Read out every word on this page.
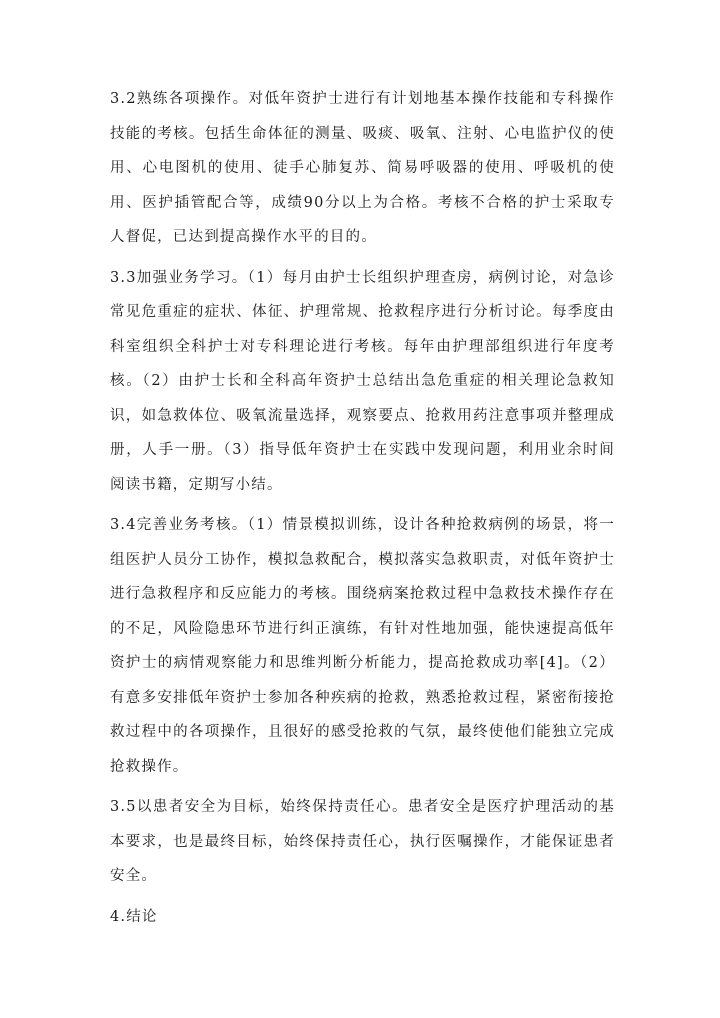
3.2熟练各项操作。对低年资护士进行有计划地基本操作技能和专科操作技能的考核。包括生命体征的测量、吸痰、吸氧、注射、心电监护仪的使用、心电图机的使用、徒手心肺复苏、简易呼吸器的使用、呼吸机的使用、医护插管配合等，成绩90分以上为合格。考核不合格的护士采取专人督促，已达到提高操作水平的目的。

3.3加强业务学习。（1）每月由护士长组织护理查房，病例讨论，对急诊常见危重症的症状、体征、护理常规、抢救程序进行分析讨论。每季度由科室组织全科护士对专科理论进行考核。每年由护理部组织进行年度考核。（2）由护士长和全科高年资护士总结出急危重症的相关理论急救知识，如急救体位、吸氧流量选择，观察要点、抢救用药注意事项并整理成册，人手一册。（3）指导低年资护士在实践中发现问题，利用业余时间阅读书籍，定期写小结。

3.4完善业务考核。（1）情景模拟训练，设计各种抢救病例的场景，将一组医护人员分工协作，模拟急救配合，模拟落实急救职责，对低年资护士进行急救程序和反应能力的考核。围绕病案抢救过程中急救技术操作存在的不足，风险隐患环节进行纠正演练，有针对性地加强，能快速提高低年资护士的病情观察能力和思维判断分析能力，提高抢救成功率[4]。（2）有意多安排低年资护士参加各种疾病的抢救，熟悉抢救过程，紧密衔接抢救过程中的各项操作，且很好的感受抢救的气氛，最终使他们能独立完成抢救操作。

3.5以患者安全为目标，始终保持责任心。患者安全是医疗护理活动的基本要求，也是最终目标，始终保持责任心，执行医嘱操作，才能保证患者安全。

4.结论
